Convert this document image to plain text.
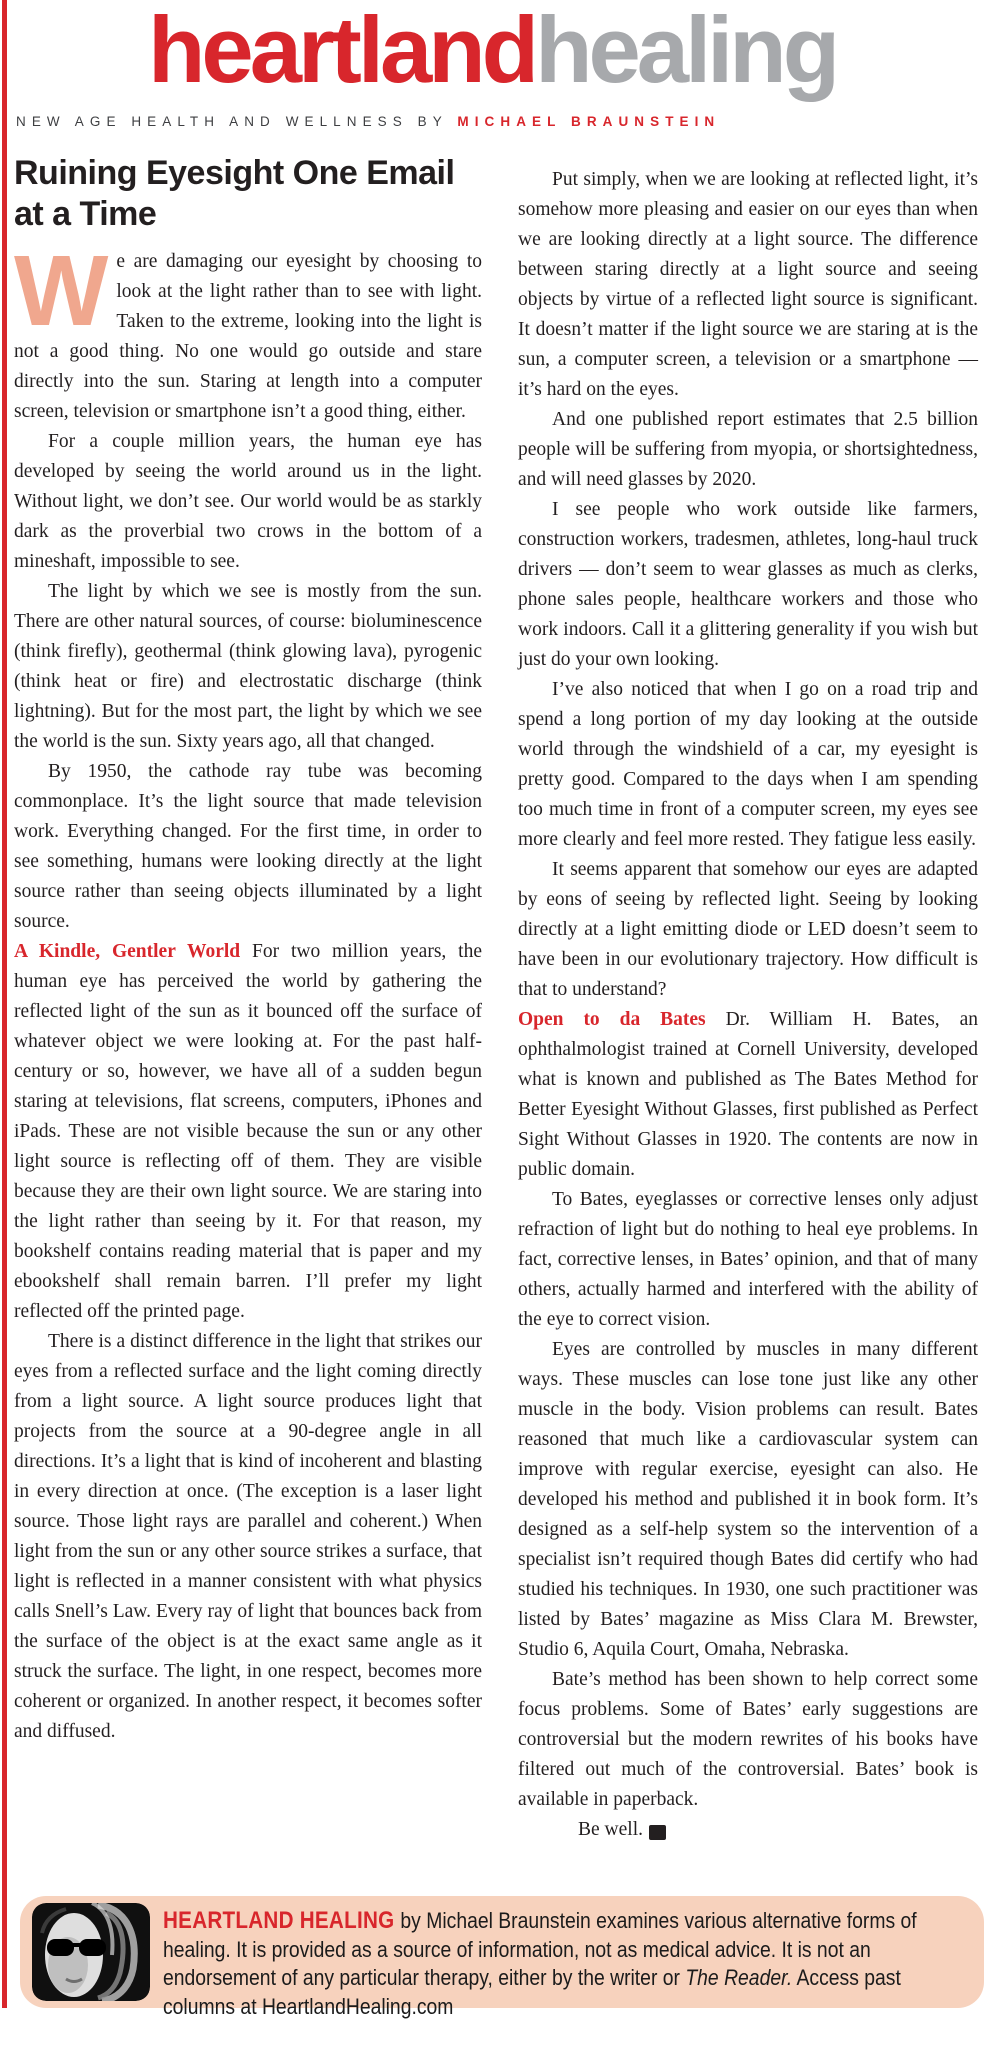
heartlandhealing
NEW AGE HEALTH AND WELLNESS BY MICHAEL BRAUNSTEIN
Ruining Eyesight One Email at a Time

We are damaging our eyesight by choosing to look at the light rather than to see with light. Taken to the extreme, looking into the light is not a good thing. No one would go outside and stare directly into the sun. Staring at length into a computer screen, television or smartphone isn’t a good thing, either.

For a couple million years, the human eye has developed by seeing the world around us in the light. Without light, we don’t see. Our world would be as starkly dark as the proverbial two crows in the bottom of a mineshaft, impossible to see.

The light by which we see is mostly from the sun. There are other natural sources, of course: bioluminescence (think firefly), geothermal (think glowing lava), pyrogenic (think heat or fire) and electrostatic discharge (think lightning). But for the most part, the light by which we see the world is the sun. Sixty years ago, all that changed.

By 1950, the cathode ray tube was becoming commonplace. It’s the light source that made television work. Everything changed. For the first time, in order to see something, humans were looking directly at the light source rather than seeing objects illuminated by a light source.

A Kindle, Gentler World For two million years, the human eye has perceived the world by gathering the reflected light of the sun as it bounced off the surface of whatever object we were looking at. For the past half-century or so, however, we have all of a sudden begun staring at televisions, flat screens, computers, iPhones and iPads. These are not visible because the sun or any other light source is reflecting off of them. They are visible because they are their own light source. We are staring into the light rather than seeing by it. For that reason, my bookshelf contains reading material that is paper and my ebookshelf shall remain barren. I’ll prefer my light reflected off the printed page.

There is a distinct difference in the light that strikes our eyes from a reflected surface and the light coming directly from a light source. A light source produces light that projects from the source at a 90-degree angle in all directions. It’s a light that is kind of incoherent and blasting in every direction at once. (The exception is a laser light source. Those light rays are parallel and coherent.) When light from the sun or any other source strikes a surface, that light is reflected in a manner consistent with what physics calls Snell’s Law. Every ray of light that bounces back from the surface of the object is at the exact same angle as it struck the surface. The light, in one respect, becomes more coherent or organized. In another respect, it becomes softer and diffused.

Put simply, when we are looking at reflected light, it’s somehow more pleasing and easier on our eyes than when we are looking directly at a light source. The difference between staring directly at a light source and seeing objects by virtue of a reflected light source is significant. It doesn’t matter if the light source we are staring at is the sun, a computer screen, a television or a smartphone — it’s hard on the eyes.

And one published report estimates that 2.5 billion people will be suffering from myopia, or shortsightedness, and will need glasses by 2020.

I see people who work outside like farmers, construction workers, tradesmen, athletes, long-haul truck drivers — don’t seem to wear glasses as much as clerks, phone sales people, healthcare workers and those who work indoors. Call it a glittering generality if you wish but just do your own looking.

I’ve also noticed that when I go on a road trip and spend a long portion of my day looking at the outside world through the windshield of a car, my eyesight is pretty good. Compared to the days when I am spending too much time in front of a computer screen, my eyes see more clearly and feel more rested. They fatigue less easily.

It seems apparent that somehow our eyes are adapted by eons of seeing by reflected light. Seeing by looking directly at a light emitting diode or LED doesn’t seem to have been in our evolutionary trajectory. How difficult is that to understand?

Open to da Bates Dr. William H. Bates, an ophthalmologist trained at Cornell University, developed what is known and published as The Bates Method for Better Eyesight Without Glasses, first published as Perfect Sight Without Glasses in 1920. The contents are now in public domain.

To Bates, eyeglasses or corrective lenses only adjust refraction of light but do nothing to heal eye problems. In fact, corrective lenses, in Bates’ opinion, and that of many others, actually harmed and interfered with the ability of the eye to correct vision.

Eyes are controlled by muscles in many different ways. These muscles can lose tone just like any other muscle in the body. Vision problems can result. Bates reasoned that much like a cardiovascular system can improve with regular exercise, eyesight can also. He developed his method and published it in book form. It’s designed as a self-help system so the intervention of a specialist isn’t required though Bates did certify who had studied his techniques. In 1930, one such practitioner was listed by Bates’ magazine as Miss Clara M. Brewster, Studio 6, Aquila Court, Omaha, Nebraska.

Bate’s method has been shown to help correct some focus problems. Some of Bates’ early suggestions are controversial but the modern rewrites of his books have filtered out much of the controversial. Bates’ book is available in paperback.

Be well.	R

HEARTLAND HEALING by Michael Braunstein examines various alternative forms of healing. It is provided as a source of information, not as medical advice. It is not an endorsement of any particular therapy, either by the writer or The Reader. Access past columns at HeartlandHealing.com
